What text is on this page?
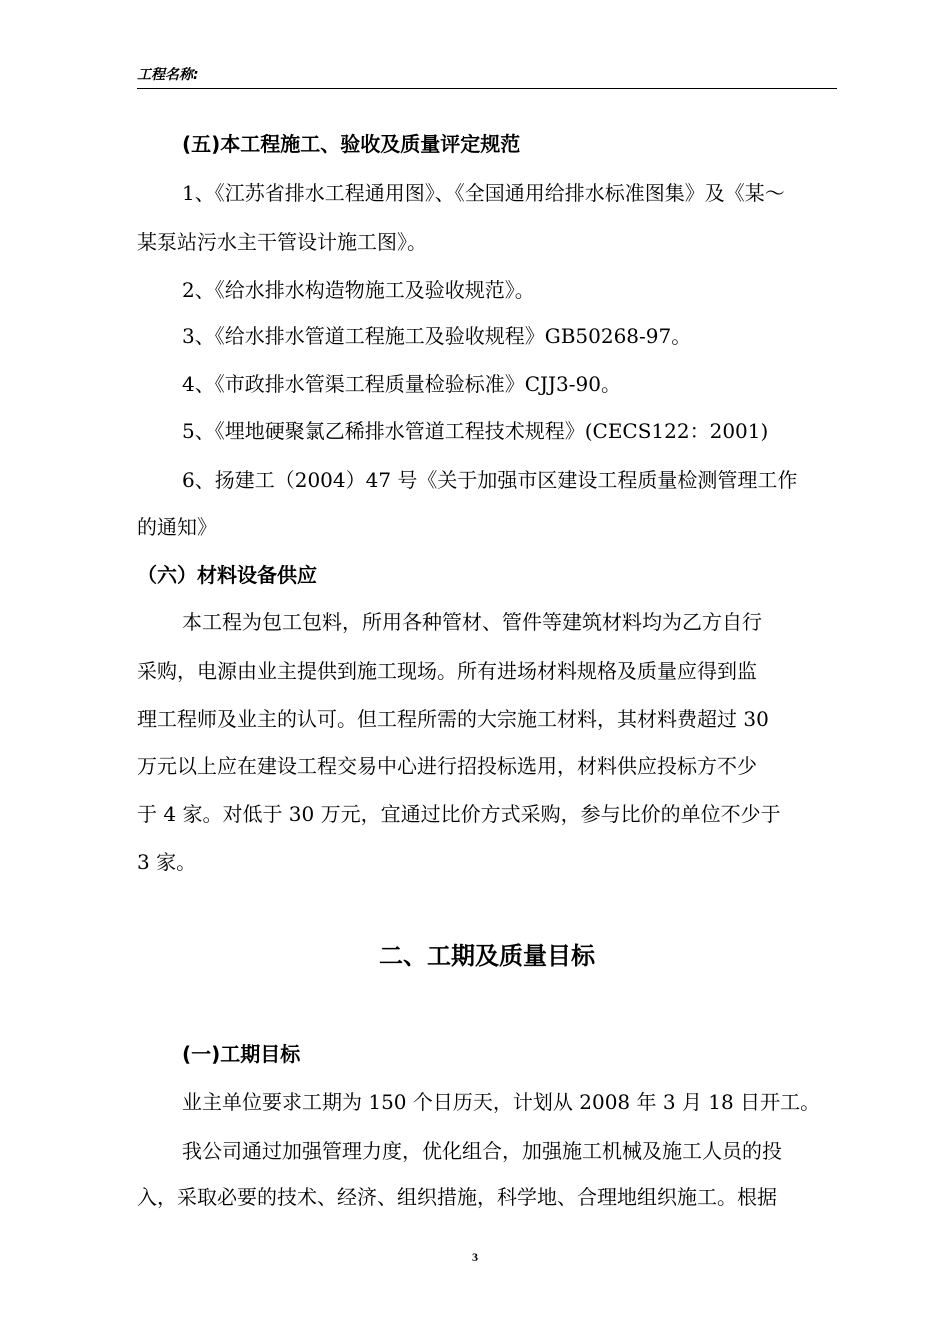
工程名称:
(五)本工程施工、验收及质量评定规范
1、《江苏省排水工程通用图》、《全国通用给排水标准图集》及《某～
某泵站污水主干管设计施工图》。
2、《给水排水构造物施工及验收规范》。
3、《给水排水管道工程施工及验收规程》GB50268-97。
4、《市政排水管渠工程质量检验标准》CJJ3-90。
5、《埋地硬聚氯乙稀排水管道工程技术规程》(CECS122：2001)
6、扬建工（2004）47 号《关于加强市区建设工程质量检测管理工作
的通知》
（六）材料设备供应
本工程为包工包料，所用各种管材、管件等建筑材料均为乙方自行
采购，电源由业主提供到施工现场。所有进场材料规格及质量应得到监
理工程师及业主的认可。但工程所需的大宗施工材料，其材料费超过 30
万元以上应在建设工程交易中心进行招投标选用，材料供应投标方不少
于 4 家。对低于 30 万元，宜通过比价方式采购，参与比价的单位不少于
3 家。
二、工期及质量目标
(一)工期目标
业主单位要求工期为 150 个日历天，计划从 2008 年 3 月 18 日开工。
我公司通过加强管理力度，优化组合，加强施工机械及施工人员的投
入，采取必要的技术、经济、组织措施，科学地、合理地组织施工。根据
3
